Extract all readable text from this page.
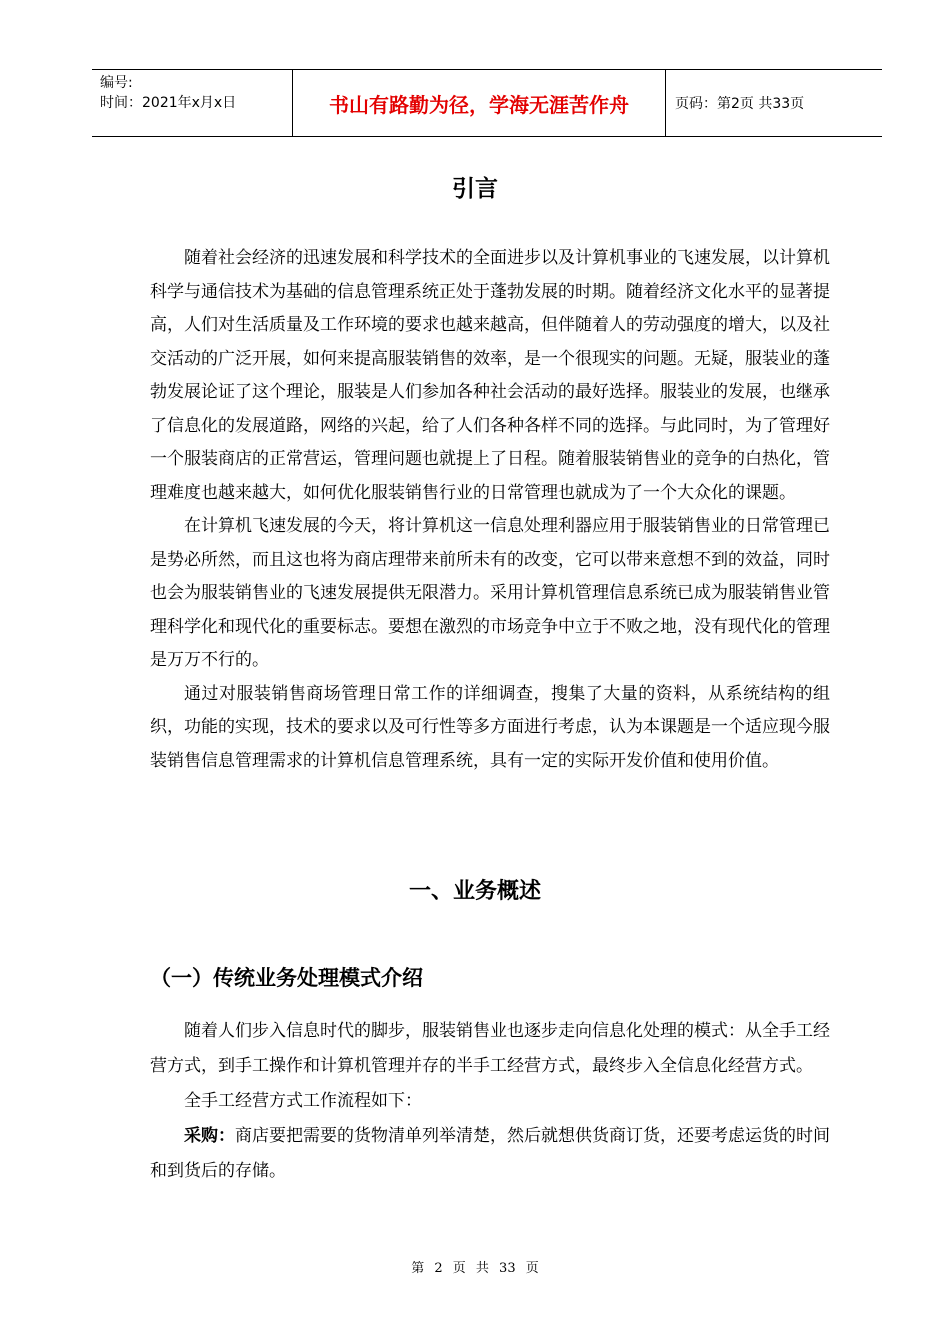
编号:
时间：2021年x月x日	书山有路勤为径，学海无涯苦作舟	页码：第2页 共33页
引言

随着社会经济的迅速发展和科学技术的全面进步以及计算机事业的飞速发展，以计算机科学与通信技术为基础的信息管理系统正处于蓬勃发展的时期。随着经济文化水平的显著提高，人们对生活质量及工作环境的要求也越来越高，但伴随着人的劳动强度的增大，以及社交活动的广泛开展，如何来提高服装销售的效率，是一个很现实的问题。无疑，服装业的蓬勃发展论证了这个理论，服装是人们参加各种社会活动的最好选择。服装业的发展，也继承了信息化的发展道路，网络的兴起，给了人们各种各样不同的选择。与此同时，为了管理好一个服装商店的正常营运，管理问题也就提上了日程。随着服装销售业的竞争的白热化，管理难度也越来越大，如何优化服装销售行业的日常管理也就成为了一个大众化的课题。

在计算机飞速发展的今天，将计算机这一信息处理利器应用于服装销售业的日常管理已是势必所然，而且这也将为商店理带来前所未有的改变，它可以带来意想不到的效益，同时也会为服装销售业的飞速发展提供无限潜力。采用计算机管理信息系统已成为服装销售业管理科学化和现代化的重要标志。要想在激烈的市场竞争中立于不败之地，没有现代化的管理是万万不行的。

通过对服装销售商场管理日常工作的详细调查，搜集了大量的资料，从系统结构的组织，功能的实现，技术的要求以及可行性等多方面进行考虑，认为本课题是一个适应现今服装销售信息管理需求的计算机信息管理系统，具有一定的实际开发价值和使用价值。

一、业务概述
（一）传统业务处理模式介绍

随着人们步入信息时代的脚步，服装销售业也逐步走向信息化处理的模式：从全手工经营方式，到手工操作和计算机管理并存的半手工经营方式，最终步入全信息化经营方式。

全手工经营方式工作流程如下：

采购：商店要把需要的货物清单列举清楚，然后就想供货商订货，还要考虑运货的时间和到货后的存储。

第 2 页 共 33 页
